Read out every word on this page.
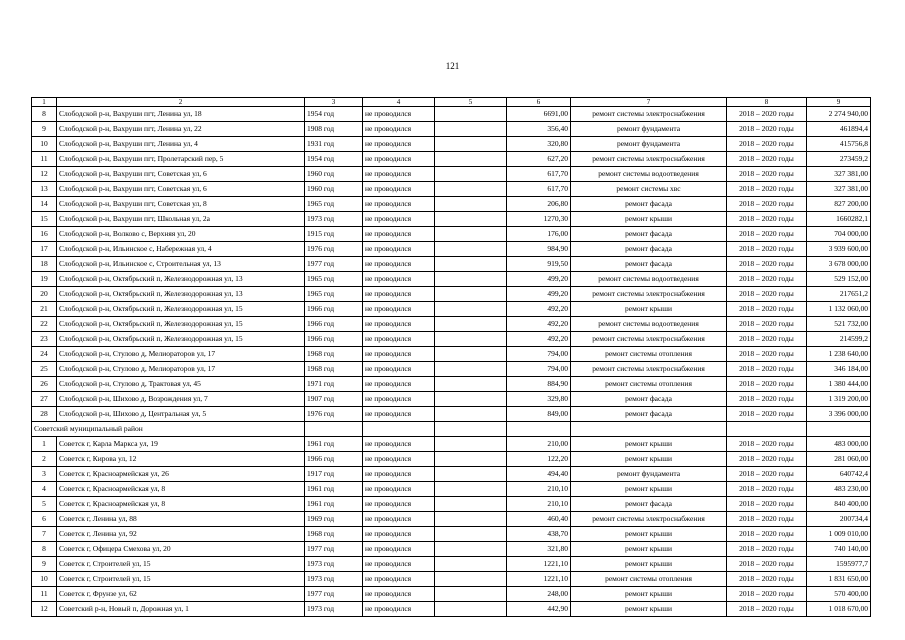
121
1	2	3	4	5	6	7	8	9
8	Слободской р-н, Вахруши пгт, Ленина ул, 18	1954 год	не проводился		6691,00	ремонт системы электроснабжения	2018 – 2020 годы	2 274 940,00
9	Слободской р-н, Вахруши пгт, Ленина ул, 22	1908 год	не проводился		356,40	ремонт фундамента	2018 – 2020 годы	461894,4
10	Слободской р-н, Вахруши пгт, Ленина ул, 4	1931 год	не проводился		320,80	ремонт фундамента	2018 – 2020 годы	415756,8
11	Слободской р-н, Вахруши пгт, Пролетарский пер, 5	1954 год	не проводился		627,20	ремонт системы электроснабжения	2018 – 2020 годы	273459,2
12	Слободской р-н, Вахруши пгт, Советская ул, 6	1960 год	не проводился		617,70	ремонт системы водоотведения	2018 – 2020 годы	327 381,00
13	Слободской р-н, Вахруши пгт, Советская ул, 6	1960 год	не проводился		617,70	ремонт системы хвс	2018 – 2020 годы	327 381,00
14	Слободской р-н, Вахруши пгт, Советская ул, 8	1965 год	не проводился		206,80	ремонт фасада	2018 – 2020 годы	827 200,00
15	Слободской р-н, Вахруши пгт, Школьная ул, 2а	1973 год	не проводился		1270,30	ремонт крыши	2018 – 2020 годы	1660282,1
16	Слободской р-н, Волково с, Верхняя ул, 20	1915 год	не проводился		176,00	ремонт фасада	2018 – 2020 годы	704 000,00
17	Слободской р-н, Ильинское с, Набережная ул, 4	1976 год	не проводился		984,90	ремонт фасада	2018 – 2020 годы	3 939 600,00
18	Слободской р-н, Ильинское с, Строительная ул, 13	1977 год	не проводился		919,50	ремонт фасада	2018 – 2020 годы	3 678 000,00
19	Слободской р-н, Октябрьский п, Железнодорожная ул, 13	1965 год	не проводился		499,20	ремонт системы водоотведения	2018 – 2020 годы	529 152,00
20	Слободской р-н, Октябрьский п, Железнодорожная ул, 13	1965 год	не проводился		499,20	ремонт системы электроснабжения	2018 – 2020 годы	217651,2
21	Слободской р-н, Октябрьский п, Железнодорожная ул, 15	1966 год	не проводился		492,20	ремонт крыши	2018 – 2020 годы	1 132 060,00
22	Слободской р-н, Октябрьский п, Железнодорожная ул, 15	1966 год	не проводился		492,20	ремонт системы водоотведения	2018 – 2020 годы	521 732,00
23	Слободской р-н, Октябрьский п, Железнодорожная ул, 15	1966 год	не проводился		492,20	ремонт системы электроснабжения	2018 – 2020 годы	214599,2
24	Слободской р-н, Стулово д, Мелиораторов ул, 17	1968 год	не проводился		794,00	ремонт системы отопления	2018 – 2020 годы	1 238 640,00
25	Слободской р-н, Стулово д, Мелиораторов ул, 17	1968 год	не проводился		794,00	ремонт системы электроснабжения	2018 – 2020 годы	346 184,00
26	Слободской р-н, Стулово д, Трактовая ул, 45	1971 год	не проводился		884,90	ремонт системы отопления	2018 – 2020 годы	1 380 444,00
27	Слободской р-н, Шихово д, Возрождения ул, 7	1907 год	не проводился		329,80	ремонт фасада	2018 – 2020 годы	1 319 200,00
28	Слободской р-н, Шихово д, Центральная ул, 5	1976 год	не проводился		849,00	ремонт фасада	2018 – 2020 годы	3 396 000,00
Советский муниципальный район								
1	Советск г, Карла Маркса ул, 19	1961 год	не проводился		210,00	ремонт крыши	2018 – 2020 годы	483 000,00
2	Советск г, Кирова ул, 12	1966 год	не проводился		122,20	ремонт крыши	2018 – 2020 годы	281 060,00
3	Советск г, Красноармейская ул, 26	1917 год	не проводился		494,40	ремонт фундамента	2018 – 2020 годы	640742,4
4	Советск г, Красноармейская ул, 8	1961 год	не проводился		210,10	ремонт крыши	2018 – 2020 годы	483 230,00
5	Советск г, Красноармейская ул, 8	1961 год	не проводился		210,10	ремонт фасада	2018 – 2020 годы	840 400,00
6	Советск г, Ленина ул, 88	1969 год	не проводился		460,40	ремонт системы электроснабжения	2018 – 2020 годы	200734,4
7	Советск г, Ленина ул, 92	1968 год	не проводился		438,70	ремонт крыши	2018 – 2020 годы	1 009 010,00
8	Советск г, Офицера Смехова ул, 20	1977 год	не проводился		321,80	ремонт крыши	2018 – 2020 годы	740 140,00
9	Советск г, Строителей ул, 15	1973 год	не проводился		1221,10	ремонт крыши	2018 – 2020 годы	1595977,7
10	Советск г, Строителей ул, 15	1973 год	не проводился		1221,10	ремонт системы отопления	2018 – 2020 годы	1 831 650,00
11	Советск г, Фрунзе ул, 62	1977 год	не проводился		248,00	ремонт крыши	2018 – 2020 годы	570 400,00
12	Советский р-н, Новый п, Дорожная ул, 1	1973 год	не проводился		442,90	ремонт крыши	2018 – 2020 годы	1 018 670,00
